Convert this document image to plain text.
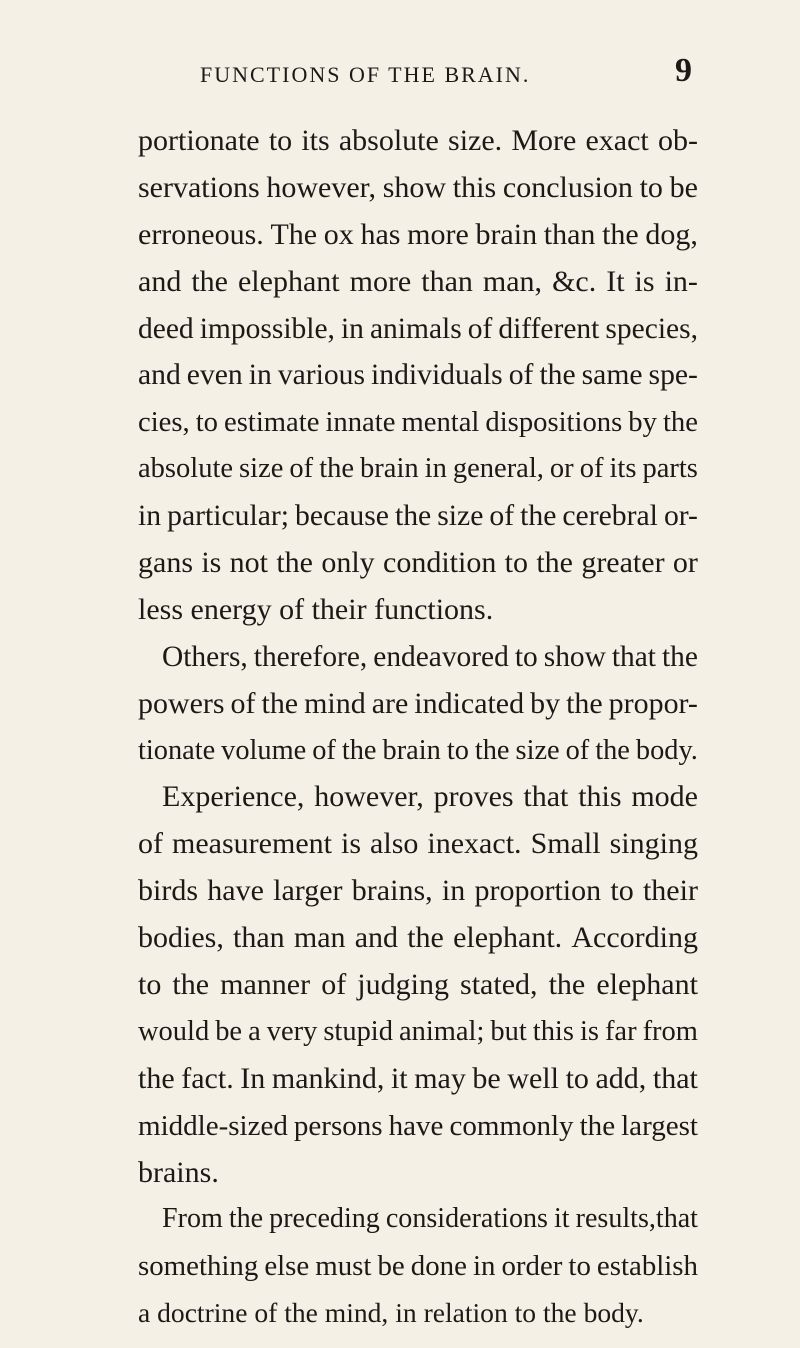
FUNCTIONS OF THE BRAIN.	9
portionate to its absolute size. More exact ob-
servations however, show this conclusion to be
erroneous. The ox has more brain than the dog,
and the elephant more than man, &c. It is in-
deed impossible, in animals of different species,
and even in various individuals of the same spe-
cies, to estimate innate mental dispositions by the
absolute size of the brain in general, or of its parts
in particular; because the size of the cerebral or-
gans is not the only condition to the greater or
less energy of their functions.
Others, therefore, endeavored to show that the
powers of the mind are indicated by the propor-
tionate volume of the brain to the size of the body.
Experience, however, proves that this mode
of measurement is also inexact. Small singing
birds have larger brains, in proportion to their
bodies, than man and the elephant. According
to the manner of judging stated, the elephant
would be a very stupid animal; but this is far from
the fact. In mankind, it may be well to add, that
middle-sized persons have commonly the largest
brains.
From the preceding considerations it results,that
something else must be done in order to establish
a doctrine of the mind, in relation to the body.
